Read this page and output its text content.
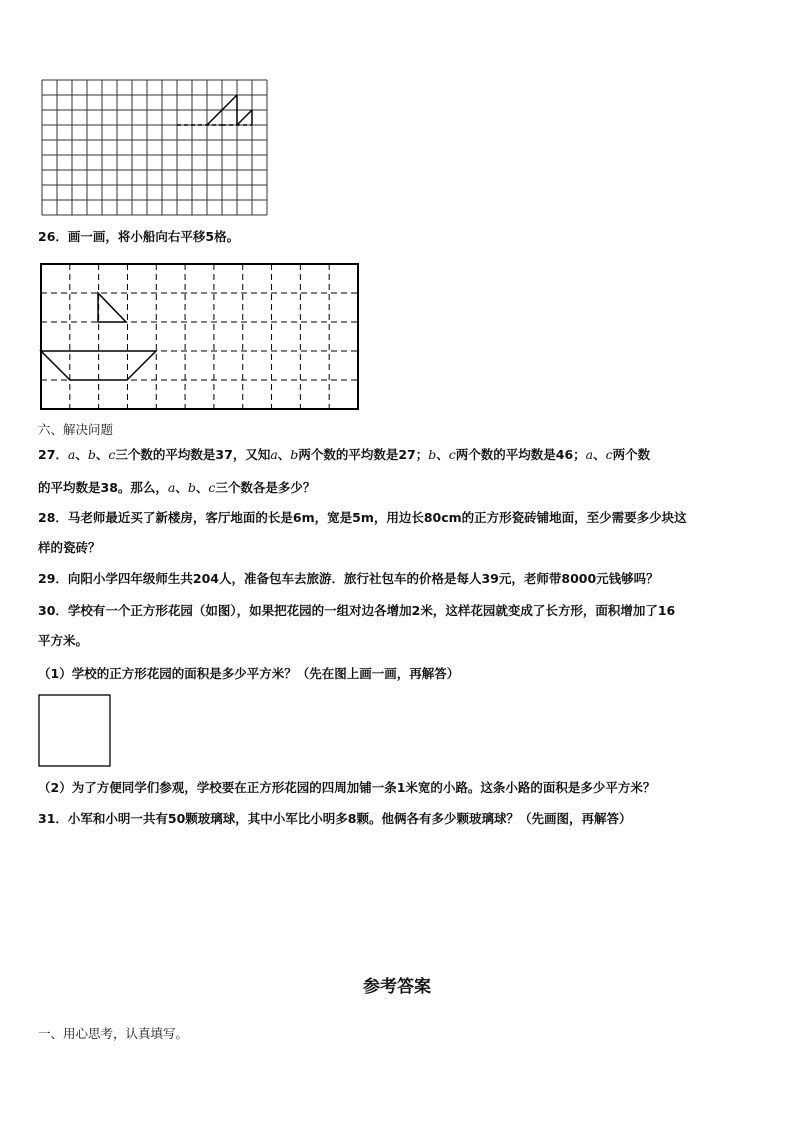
26．画一画，将小船向右平移5格。
六、解决问题
27．a、b、c三个数的平均数是37，又知a、b两个数的平均数是27；b、c两个数的平均数是46；a、c两个数
的平均数是38。那么，a、b、c三个数各是多少？
28．马老师最近买了新楼房，客厅地面的长是6m，宽是5m，用边长80cm的正方形瓷砖铺地面，至少需要多少块这
样的瓷砖？
29．向阳小学四年级师生共204人，准备包车去旅游．旅行社包车的价格是每人39元，老师带8000元钱够吗？
30．学校有一个正方形花园（如图），如果把花园的一组对边各增加2米，这样花园就变成了长方形，面积增加了16
平方米。
（1）学校的正方形花园的面积是多少平方米？（先在图上画一画，再解答）
（2）为了方便同学们参观，学校要在正方形花园的四周加铺一条1米宽的小路。这条小路的面积是多少平方米？
31．小军和小明一共有50颗玻璃球，其中小军比小明多8颗。他俩各有多少颗玻璃球？（先画图，再解答）
参考答案
一、用心思考，认真填写。
